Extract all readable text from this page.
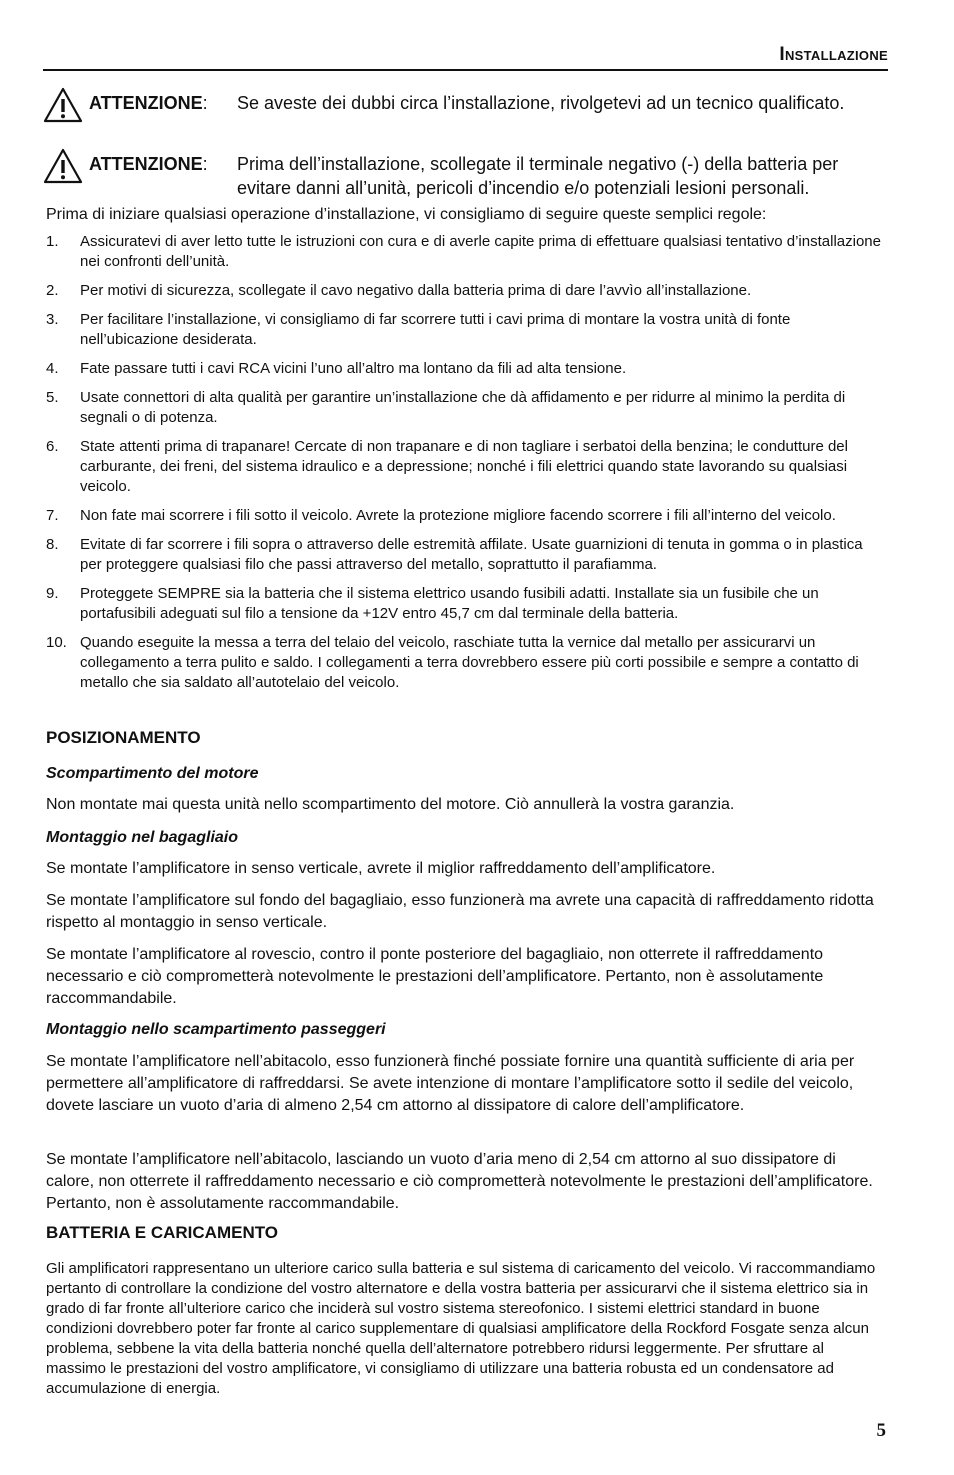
Installazione
ATTENZIONE:	Se aveste dei dubbi circa l’installazione, rivolgetevi ad un tecnico qualificato.
ATTENZIONE:	Prima dell’installazione, scollegate il terminale negativo (-) della batteria per evitare danni all’unità, pericoli d’incendio e/o potenziali lesioni personali.
Prima di iniziare qualsiasi operazione d’installazione, vi consigliamo di seguire queste semplici regole:
1.	Assicuratevi di aver letto tutte le istruzioni con cura e di averle capite prima di effettuare qualsiasi tentativo d’installazione nei confronti dell’unità.
2.	Per motivi di sicurezza, scollegate il cavo negativo dalla batteria prima di dare l’avvìo all’installazione.
3.	Per facilitare l’installazione, vi consigliamo di far scorrere tutti i cavi prima di montare la vostra unità di fonte nell’ubicazione desiderata.
4.	Fate passare tutti i cavi RCA vicini l’uno all’altro ma lontano da fili ad alta tensione.
5.	Usate connettori di alta qualità per garantire un’installazione che dà affidamento e per ridurre al minimo la perdita di segnali o di potenza.
6.	State attenti prima di trapanare! Cercate di non trapanare e di non tagliare i serbatoi della benzina; le condutture del carburante, dei freni, del sistema idraulico e a depressione; nonché i fili elettrici quando state lavorando su qualsiasi veicolo.
7.	Non fate mai scorrere i fili sotto il veicolo. Avrete la protezione migliore facendo scorrere i fili all’interno del veicolo.
8.	Evitate di far scorrere i fili sopra o attraverso delle estremità affilate. Usate guarnizioni di tenuta in gomma o in plastica per proteggere qualsiasi filo che passi attraverso del metallo, soprattutto il parafiamma.
9.	Proteggete SEMPRE sia la batteria che il sistema elettrico usando fusibili adatti. Installate sia un fusibile che un portafusibili adeguati sul filo a tensione da +12V entro 45,7 cm dal terminale della batteria.
10. Quando eseguite la messa a terra del telaio del veicolo, raschiate tutta la vernice dal metallo per assicurarvi un collegamento a terra pulito e saldo. I collegamenti a terra dovrebbero essere più corti possibile e sempre a contatto di metallo che sia saldato all’autotelaio del veicolo.
POSIZIONAMENTO
Scompartimento del motore
Non montate mai questa unità nello scompartimento del motore. Ciò annullerà la vostra garanzia.
Montaggio nel bagagliaio
Se montate l’amplificatore in senso verticale, avrete il miglior raffreddamento dell’amplificatore.
Se montate l’amplificatore sul fondo del bagagliaio, esso funzionerà ma avrete una capacità di raffreddamento ridotta rispetto al montaggio in senso verticale.
Se montate l’amplificatore al rovescio, contro il ponte posteriore del bagagliaio, non otterrete il raffreddamento necessario e ciò comprometterà notevolmente le prestazioni dell’amplificatore. Pertanto, non è assolutamente raccommandabile.
Montaggio nello scampartimento passeggeri
Se montate l’amplificatore nell’abitacolo, esso funzionerà finché possiate fornire una quantità sufficiente di aria per permettere all’amplificatore di raffreddarsi. Se avete intenzione di montare l’amplificatore sotto il sedile del veicolo, dovete lasciare un vuoto d’aria di almeno 2,54 cm attorno al dissipatore di calore dell’amplificatore.
Se montate l’amplificatore nell’abitacolo, lasciando un vuoto d’aria meno di 2,54 cm attorno al suo dissipatore di calore, non otterrete il raffreddamento necessario e ciò comprometterà notevolmente le prestazioni dell’amplificatore. Pertanto, non è assolutamente raccommandabile.
BATTERIA E CARICAMENTO
Gli amplificatori rappresentano un ulteriore carico sulla batteria e sul sistema di caricamento del veicolo. Vi raccommandiamo pertanto di controllare la condizione del vostro alternatore e della vostra batteria per assicurarvi che il sistema elettrico sia in grado di far fronte all’ulteriore carico che inciderà sul vostro sistema stereofonico. I sistemi elettrici standard in buone condizioni dovrebbero poter far fronte al carico supplementare di qualsiasi amplificatore della Rockford Fosgate senza alcun problema, sebbene la vita della batteria nonché quella dell’alternatore potrebbero ridursi leggermente. Per sfruttare al massimo le prestazioni del vostro amplificatore, vi consigliamo di utilizzare una batteria robusta ed un condensatore ad accumulazione di energia.
5
